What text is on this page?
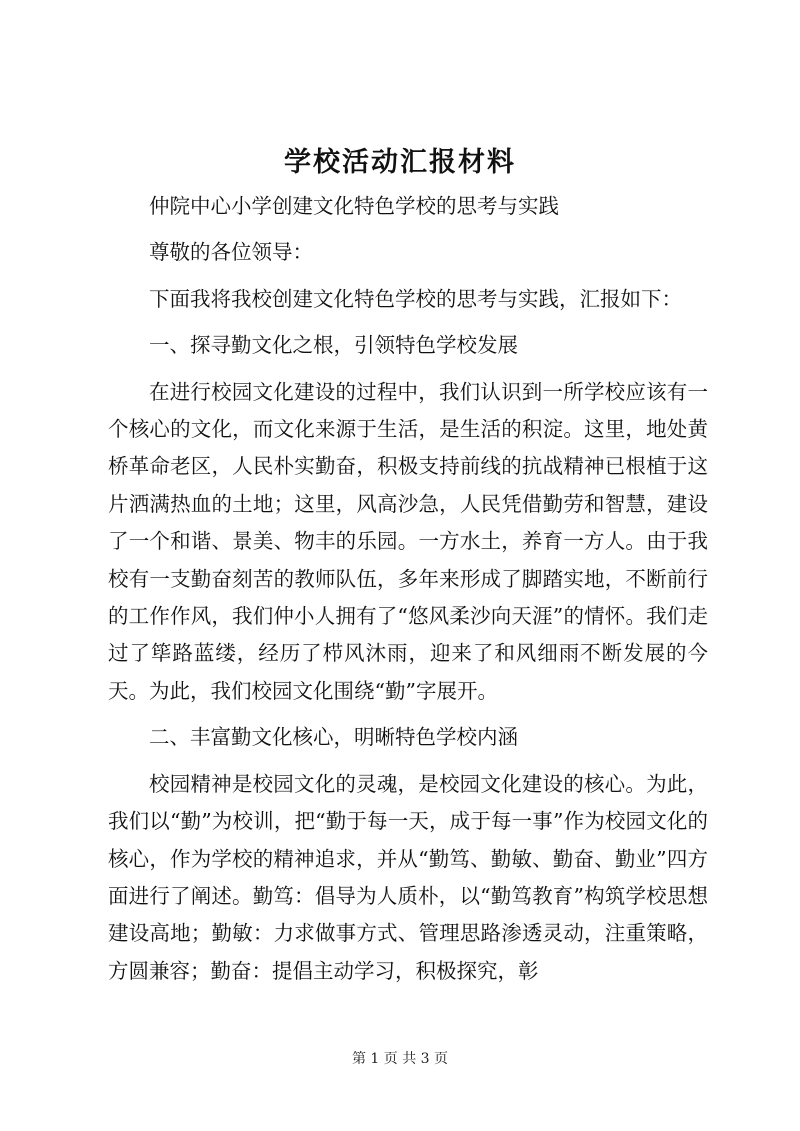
学校活动汇报材料

仲院中心小学创建文化特色学校的思考与实践

尊敬的各位领导：

下面我将我校创建文化特色学校的思考与实践，汇报如下：

一、探寻勤文化之根，引领特色学校发展

在进行校园文化建设的过程中，我们认识到一所学校应该有一个核心的文化，而文化来源于生活，是生活的积淀。这里，地处黄桥革命老区，人民朴实勤奋，积极支持前线的抗战精神已根植于这片洒满热血的土地；这里，风高沙急，人民凭借勤劳和智慧，建设了一个和谐、景美、物丰的乐园。一方水土，养育一方人。由于我校有一支勤奋刻苦的教师队伍，多年来形成了脚踏实地，不断前行的工作作风，我们仲小人拥有了“悠风柔沙向天涯”的情怀。我们走过了筚路蓝缕，经历了栉风沐雨，迎来了和风细雨不断发展的今天。为此，我们校园文化围绕“勤”字展开。

二、丰富勤文化核心，明晰特色学校内涵

校园精神是校园文化的灵魂，是校园文化建设的核心。为此，我们以“勤”为校训，把“勤于每一天，成于每一事”作为校园文化的核心，作为学校的精神追求，并从“勤笃、勤敏、勤奋、勤业”四方面进行了阐述。勤笃：倡导为人质朴，以“勤笃教育”构筑学校思想建设高地；勤敏：力求做事方式、管理思路渗透灵动，注重策略，方圆兼容；勤奋：提倡主动学习，积极探究，彰

第 1 页 共 3 页
